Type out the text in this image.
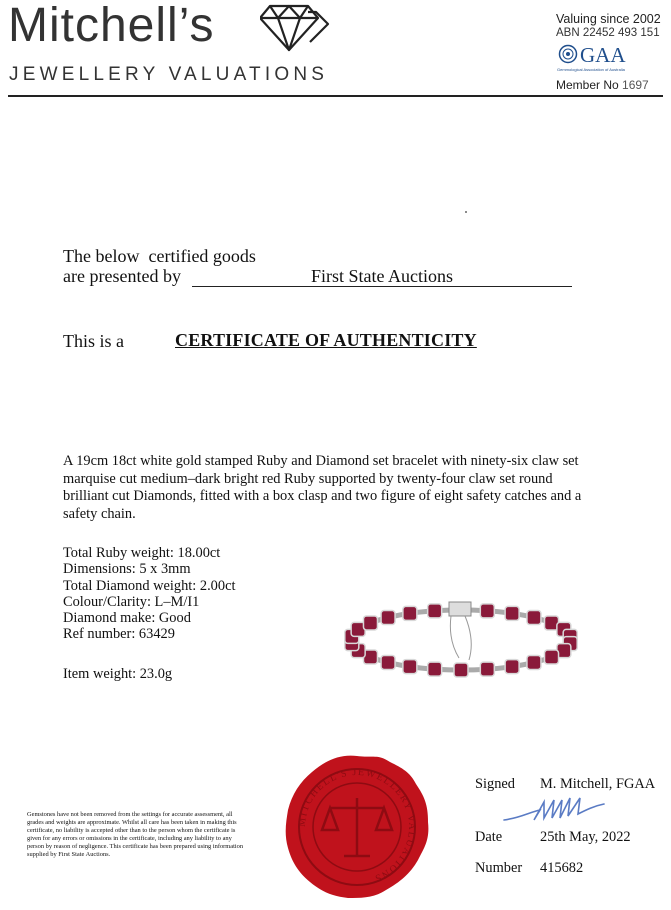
Mitchell’s
JEWELLERY VALUATIONS
Valuing since 2002
ABN 22452 493 151
GAA
Gemmological Association of Australia
Member No 1697
The below  certified goods
are presented by	First State Auctions
This is a	CERTIFICATE OF AUTHENTICITY
A 19cm 18ct white gold stamped Ruby and Diamond set bracelet with ninety-six claw set marquise cut medium–dark bright red Ruby supported by twenty-four claw set round brilliant cut Diamonds, fitted with a box clasp and two figure of eight safety catches and a safety chain.
Total Ruby weight: 18.00ct
Dimensions: 5 x 3mm
Total Diamond weight: 2.00ct
Colour/Clarity: L–M/I1
Diamond make: Good
Ref number: 63429
Item weight: 23.0g
MITCHELL'S JEWELLERY VALUATIONS
Gemstones have not been removed from the settings for accurate assessment, all grades and weights are approximate. Whilst all care has been taken in making this certificate, no liability is accepted other than to the person whom the certificate is given for any errors or omissions in the certificate, including any liability to any person by reason of negligence. This certificate has been prepared using information supplied by First State Auctions.
Signed M. Mitchell, FGAA
Date	25th May, 2022
Number 415682
